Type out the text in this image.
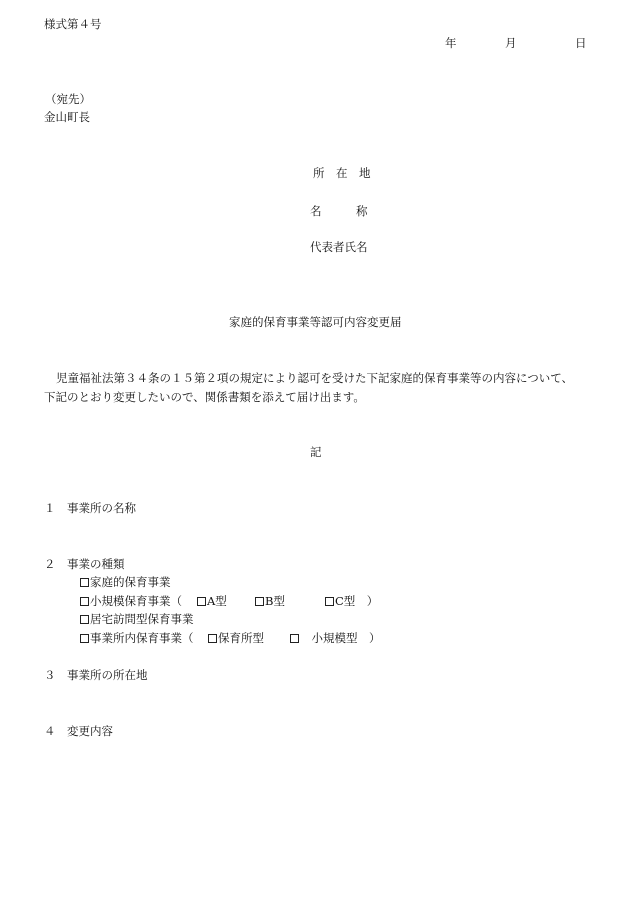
様式第４号
年	月	日
（宛先）
金山町長
所　在　地
名　　　称
代表者氏名
家庭的保育事業等認可内容変更届
児童福祉法第３４条の１５第２項の規定により認可を受けた下記家庭的保育事業等の内容について、
下記のとおり変更したいので、関係書類を添えて届け出ます。
記
１ 事業所の名称
２ 事業の種類
家庭的保育事業
小規模保育事業（	A型	B型	C型　）
居宅訪問型保育事業
事業所内保育事業（	保育所型	　小規模型　）
３ 事業所の所在地
４ 変更内容
